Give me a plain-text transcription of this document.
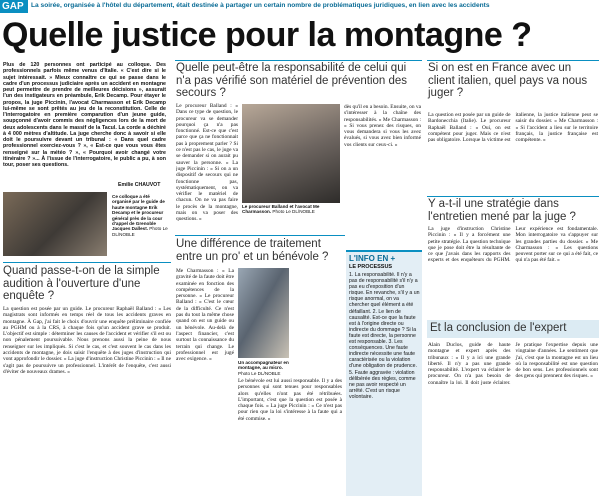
GAP La soirée, organisée à l'hôtel du département, était destinée à partager un certain nombre de problématiques juridiques, en lien avec les accidents
Quelle justice pour la montagne ?
Plus de 120 personnes ont participé au colloque. Des professionnels parfois même venus d'Italie. « C'est dire si le sujet intéressait. » Mieux connaître ce qui se passe dans le cadre d'un processus judiciaire après un accident en montagne peut permettre de prendre de meilleures décisions », assurait l'un des instigateurs en préambule, Erik Decamp. Pour étayer le propos, la juge Piccinin, l'avocat Charmasson et Erik Decamp lui-même se sont prêtés au jeu de la reconstitution. Celle de l'interrogatoire en première comparution d'un jeune guide, soupçonné d'avoir commis des négligences lors de la mort de deux adolescents dans le massif de la Tacul. La corde a déchiré à 4 000 mètres d'altitude. La juge cherche donc à savoir si elle doit le poursuivre devant un tribunal : « Dans quel cadre professionnel exerciez-vous ? », « Est-ce que vous vous êtes renseigné sur la météo ? », « Pourquoi avoir changé votre itinéraire ? »... À l'issue de l'interrogatoire, le public a pu, à son tour, poser ses questions.
Emilie CHAUVOT
Ce colloque a été organisé par le guide de haute montagne Erik Decamp et le procureur général près de la cour d'appel de Grenoble Jacques Dallest. Photo Le DL/NOBLE
Quand passe-t-on de la simple audition à l'ouverture d'une enquête ?
La question est posée par un guide. Le procureur Raphaël Balland : « Les magistrats sont informés en temps réel de tous les accidents graves en montagne. À Gap, j'ai fait le choix d'ouvrir une enquête préliminaire confiée au PGHM ou à la CRS, à chaque fois qu'un accident grave se produit. L'objectif est simple : déterminer les causes de l'accident et vérifier s'il est ou non pénalement poursuivable. Nous prenons aussi la peine de nous renseigner sur les impliqués. Si c'est le cas, et c'est souvent le cas dans les accidents de montagne, je dois saisir l'enquête à des juges d'instruction qui vont approfondir le dossier. » La juge d'instruction Christine Piccinin : « Il ne s'agit pas de poursuivre un professionnel. L'intérêt de l'enquête, c'est aussi d'éviter de nouveaux drames. »
Quelle peut-être la responsabilité de celui qui n'a pas vérifié son matériel de prévention des secours ?
Le procureur Balland : « Dans ce type de question, le procureur va se demander pourquoi ça n'a pas fonctionné. Est-ce que c'est parce que ça ne fonctionnait pas à proprement parler ? Si ce n'est pas le cas, le juge va se demander si on aurait pu sauver la personne. » La juge Piccinin : « Si on a un dispositif de secours qui ne fonctionne pas, systématiquement, on va vérifier le matériel de chacun. On ne va pas faire le procès de la montagne, mais on va poser des questions. »
Le procureur Balland et l'avocat Me Charmasson. Photo Le DL/NOBLE
dès qu'il en a besoin. Ensuite, on va s'intéresser à la chaîne des responsabilités. » Me Charmasson : « Si vous prenez des risques, on vous demandera si vous les avez évalués, si vous avez bien informé vos clients sur ceux-ci. »
Une différence de traitement entre un pro' et un bénévole ?
Me Charmasson : « La gravité de la faute doit être examinée en fonction des compétences de la personne. » Le procureur Balland : « C'est le cœur de la difficulté. Ce n'est pas du tout la même chose quand on est un guide ou un bénévole. Au-delà de l'aspect financier, c'est surtout la connaissance du terrain qui change. Le professionnel est jugé avec exigence. »
Un accompagnateur en montagne, au micro. Photo Le DL/NOBLE
Le bénévole est lui aussi responsable. Il y a des personnes qui sont tenues pour responsables alors qu'elles n'ont pas été rétribuées. L'important, c'est que la question est posée à chaque fois. » La juge Piccinin : « Ce n'est pas pour rien que la loi s'intéresse à la faute qui a été commise. »
L'INFO EN +
LE PROCESSUS
1. La responsabilité. Il n'y a pas de responsabilité s'il n'y a pas eu d'exposition d'un risque. En revanche, s'il y a un risque anormal, on va chercher quel élément a été défaillant. 2. Le lien de causalité. Est-ce que la faute est à l'origine directe ou indirecte du dommage ? Si la faute est directe, la personne est responsable. 3. Les conséquences. Une faute indirecte nécessite une faute caractérisée ou la violation d'une obligation de prudence. 5. Faute aggravée : violation délibérée des règles, comme ne pas avoir respecté un arrêté. C'est un risque volontaire.
Si on est en France avec un client italien, quel pays va nous juger ?
La question est posée par un guide de Bardonecchia (Italie). Le procureur Raphaël Balland : « Oui, on est compétent pour juger. Mais ce n'est pas obligatoire. Lorsque la victime est italienne, la justice italienne peut se saisir du dossier. » Me Charmasson : « Si l'accident a lieu sur le territoire français, la justice française est compétente. »
Y a-t-il une stratégie dans l'entretien mené par la juge ?
La juge d'instruction Christine Piccinin : « Il y a forcément une petite stratégie. La question technique que je pose doit être la résultante de ce que j'avais dans les rapports des experts et des enquêteurs du PGHM. Leur expérience est fondamentale. Mon interrogatoire va s'appuyer sur les grandes parties du dossier. » Me Charmasson : « Les questions peuvent porter sur ce qui a été fait, ce qui n'a pas été fait. »
Et la conclusion de l'expert
Alain Duclos, guide de haute montagne et expert après des tribunaux : « Il y a ici une grande liberté. Il n'y a pas une grande responsabilité. L'expert va éclairer le procureur. On n'a pas besoin de connaître la loi. Il doit juste éclairer. Je pratique l'expertise depuis une vingtaine d'années. Le sentiment que j'ai, c'est que la montagne est un lieu où la responsabilité est une question de bon sens. Les professionnels sont des gens qui prennent des risques. »
